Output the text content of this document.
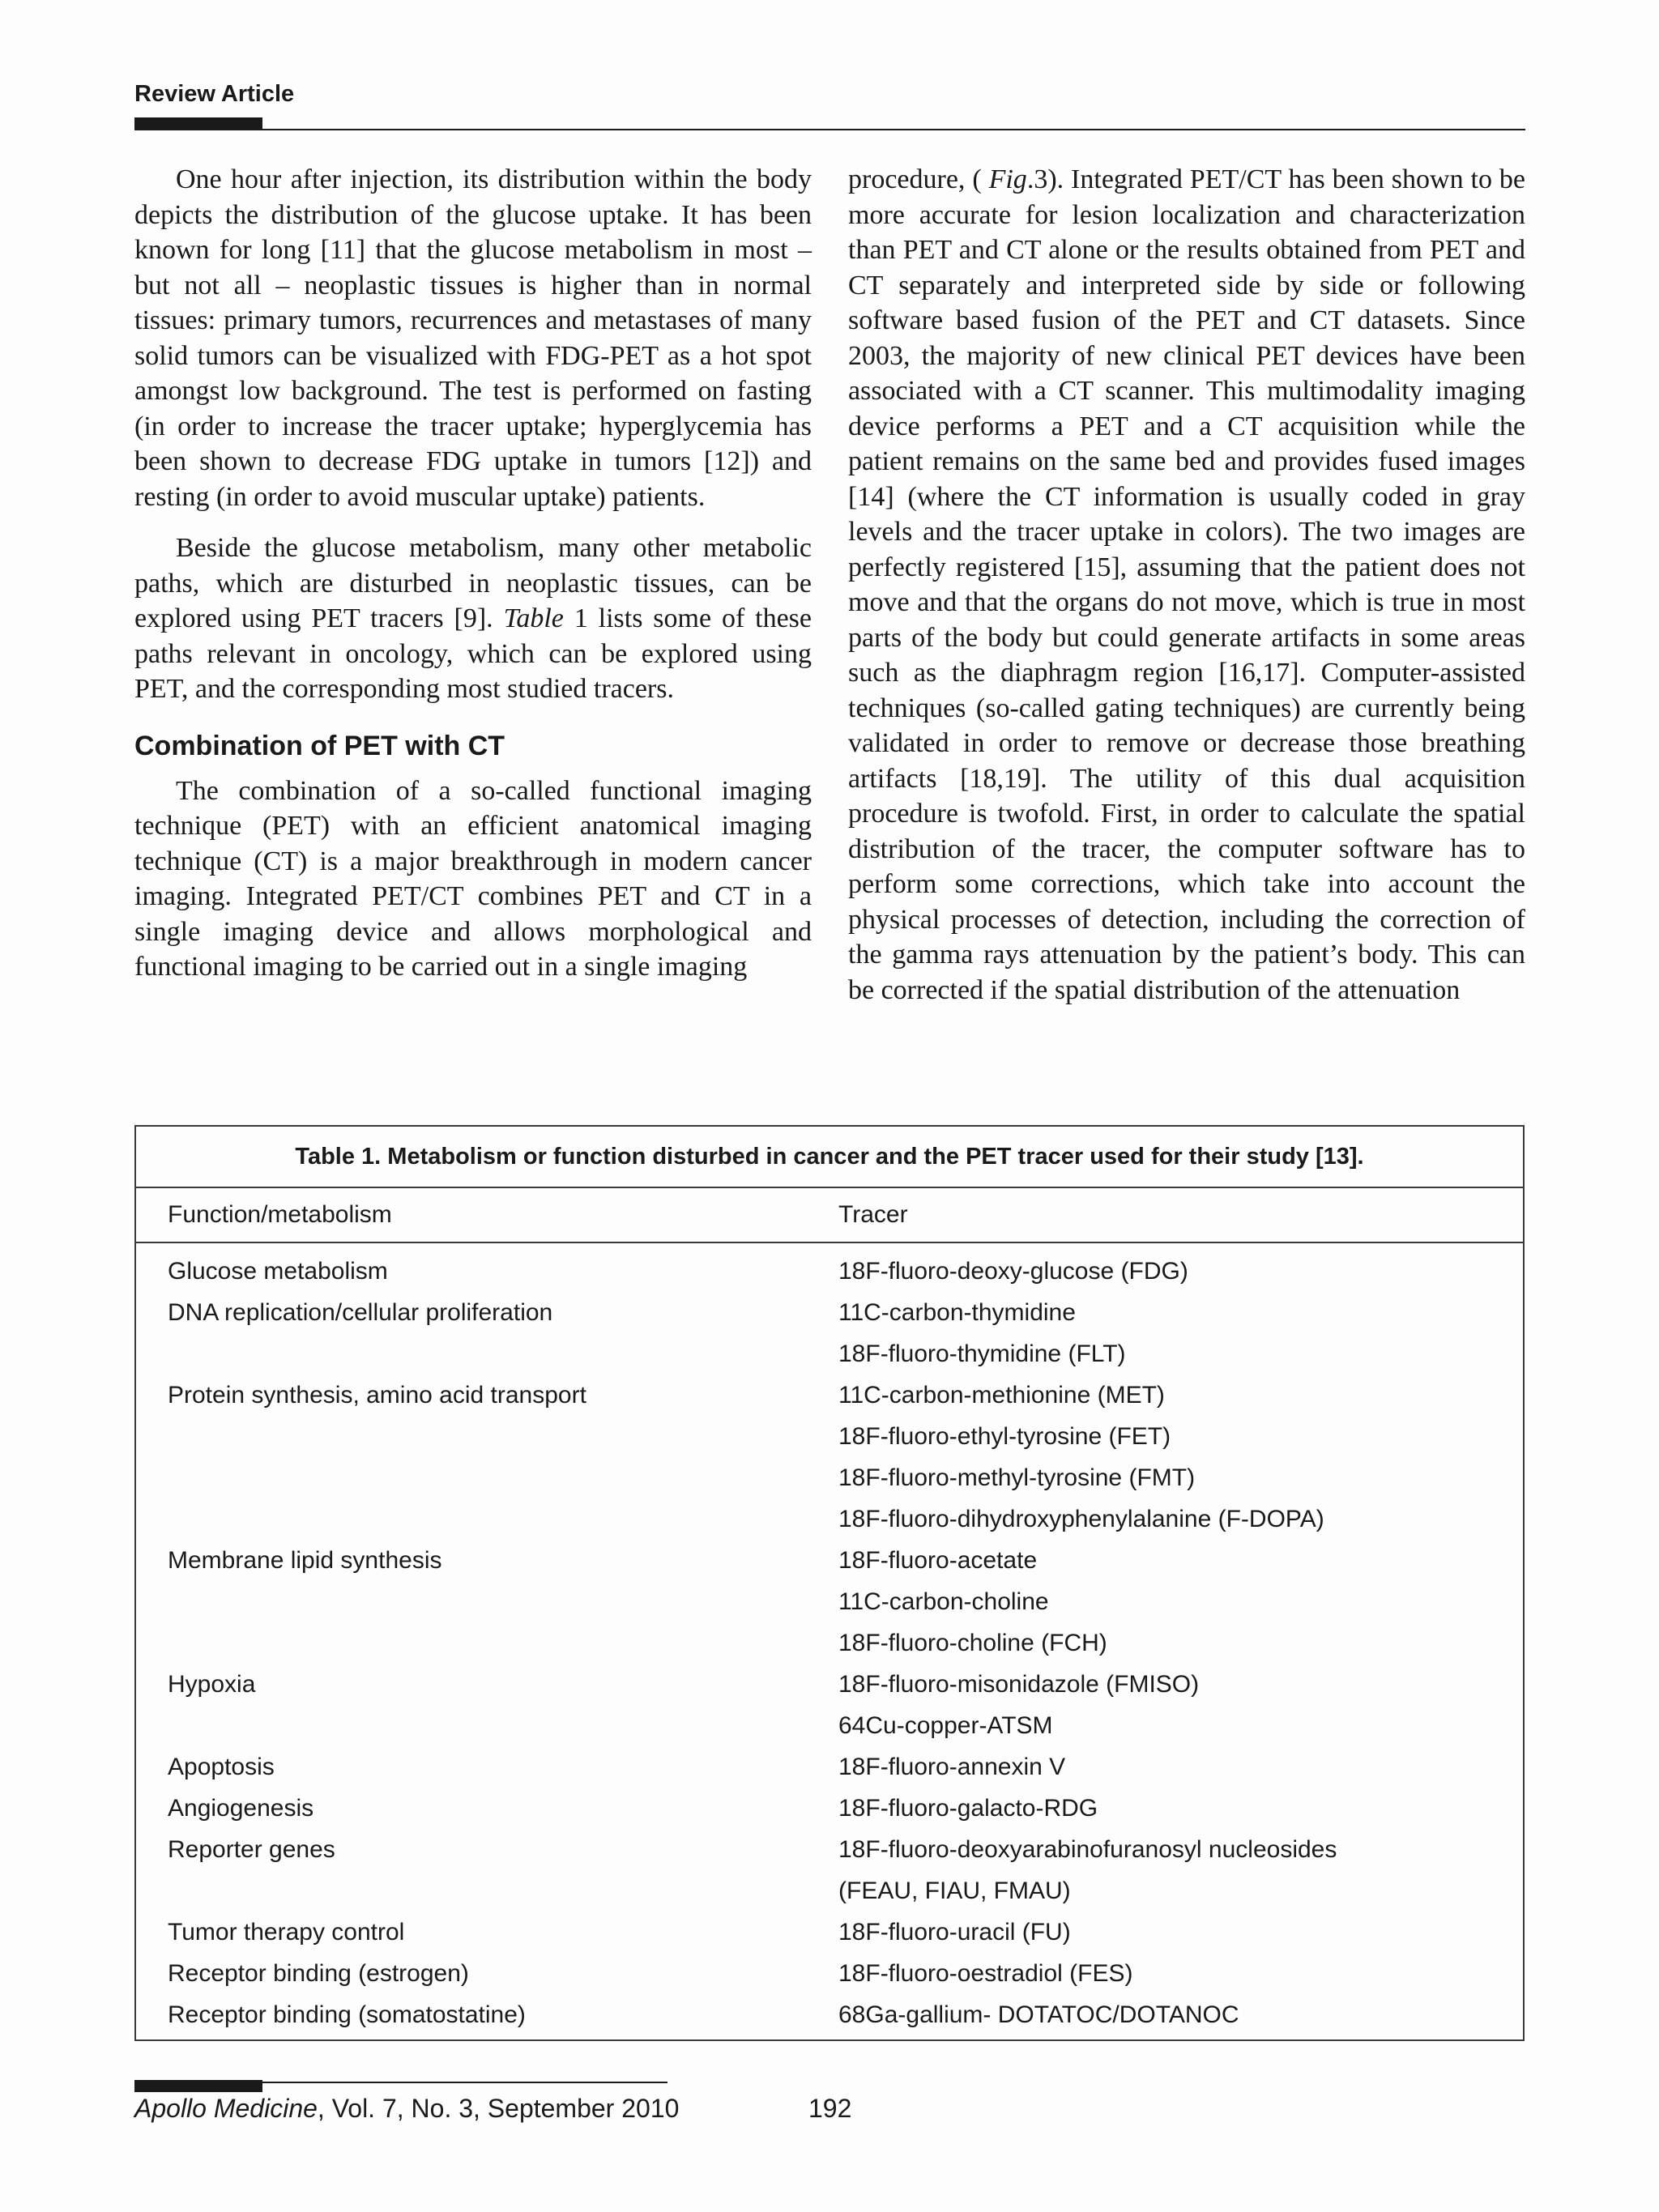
Review Article

One hour after injection, its distribution within the body depicts the distribution of the glucose uptake. It has been known for long [11] that the glucose metabolism in most – but not all – neoplastic tissues is higher than in normal tissues: primary tumors, recurrences and metastases of many solid tumors can be visualized with FDG-PET as a hot spot amongst low background. The test is performed on fasting (in order to increase the tracer uptake; hyperglycemia has been shown to decrease FDG uptake in tumors [12]) and resting (in order to avoid muscular uptake) patients.

Beside the glucose metabolism, many other metabolic paths, which are disturbed in neoplastic tissues, can be explored using PET tracers [9]. Table 1 lists some of these paths relevant in oncology, which can be explored using PET, and the corresponding most studied tracers.

Combination of PET with CT

The combination of a so-called functional imaging technique (PET) with an efficient anatomical imaging technique (CT) is a major breakthrough in modern cancer imaging. Integrated PET/CT combines PET and CT in a single imaging device and allows morphological and functional imaging to be carried out in a single imaging

procedure, ( Fig.3). Integrated PET/CT has been shown to be more accurate for lesion localization and characterization than PET and CT alone or the results obtained from PET and CT separately and interpreted side by side or following software based fusion of the PET and CT datasets. Since 2003, the majority of new clinical PET devices have been associated with a CT scanner. This multimodality imaging device performs a PET and a CT acquisition while the patient remains on the same bed and provides fused images [14] (where the CT information is usually coded in gray levels and the tracer uptake in colors). The two images are perfectly registered [15], assuming that the patient does not move and that the organs do not move, which is true in most parts of the body but could generate artifacts in some areas such as the diaphragm region [16,17]. Computer-assisted techniques (so-called gating techniques) are currently being validated in order to remove or decrease those breathing artifacts [18,19]. The utility of this dual acquisition procedure is twofold. First, in order to calculate the spatial distribution of the tracer, the computer software has to perform some corrections, which take into account the physical processes of detection, including the correction of the gamma rays attenuation by the patient’s body. This can be corrected if the spatial distribution of the attenuation

Table 1. Metabolism or function disturbed in cancer and the PET tracer used for their study [13].
Function/metabolism	Tracer
Glucose metabolism	18F-fluoro-deoxy-glucose (FDG)
DNA replication/cellular proliferation	11C-carbon-thymidine
18F-fluoro-thymidine (FLT)
Protein synthesis, amino acid transport	11C-carbon-methionine (MET)
18F-fluoro-ethyl-tyrosine (FET)
18F-fluoro-methyl-tyrosine (FMT)
18F-fluoro-dihydroxyphenylalanine (F-DOPA)
Membrane lipid synthesis	18F-fluoro-acetate
11C-carbon-choline
18F-fluoro-choline (FCH)
Hypoxia	18F-fluoro-misonidazole (FMISO)
64Cu-copper-ATSM
Apoptosis	18F-fluoro-annexin V
Angiogenesis	18F-fluoro-galacto-RDG
Reporter genes	18F-fluoro-deoxyarabinofuranosyl nucleosides
(FEAU, FIAU, FMAU)
Tumor therapy control	18F-fluoro-uracil (FU)
Receptor binding (estrogen)	18F-fluoro-oestradiol (FES)
Receptor binding (somatostatine)	68Ga-gallium- DOTATOC/DOTANOC
Apollo Medicine, Vol. 7, No. 3, September 2010	192
